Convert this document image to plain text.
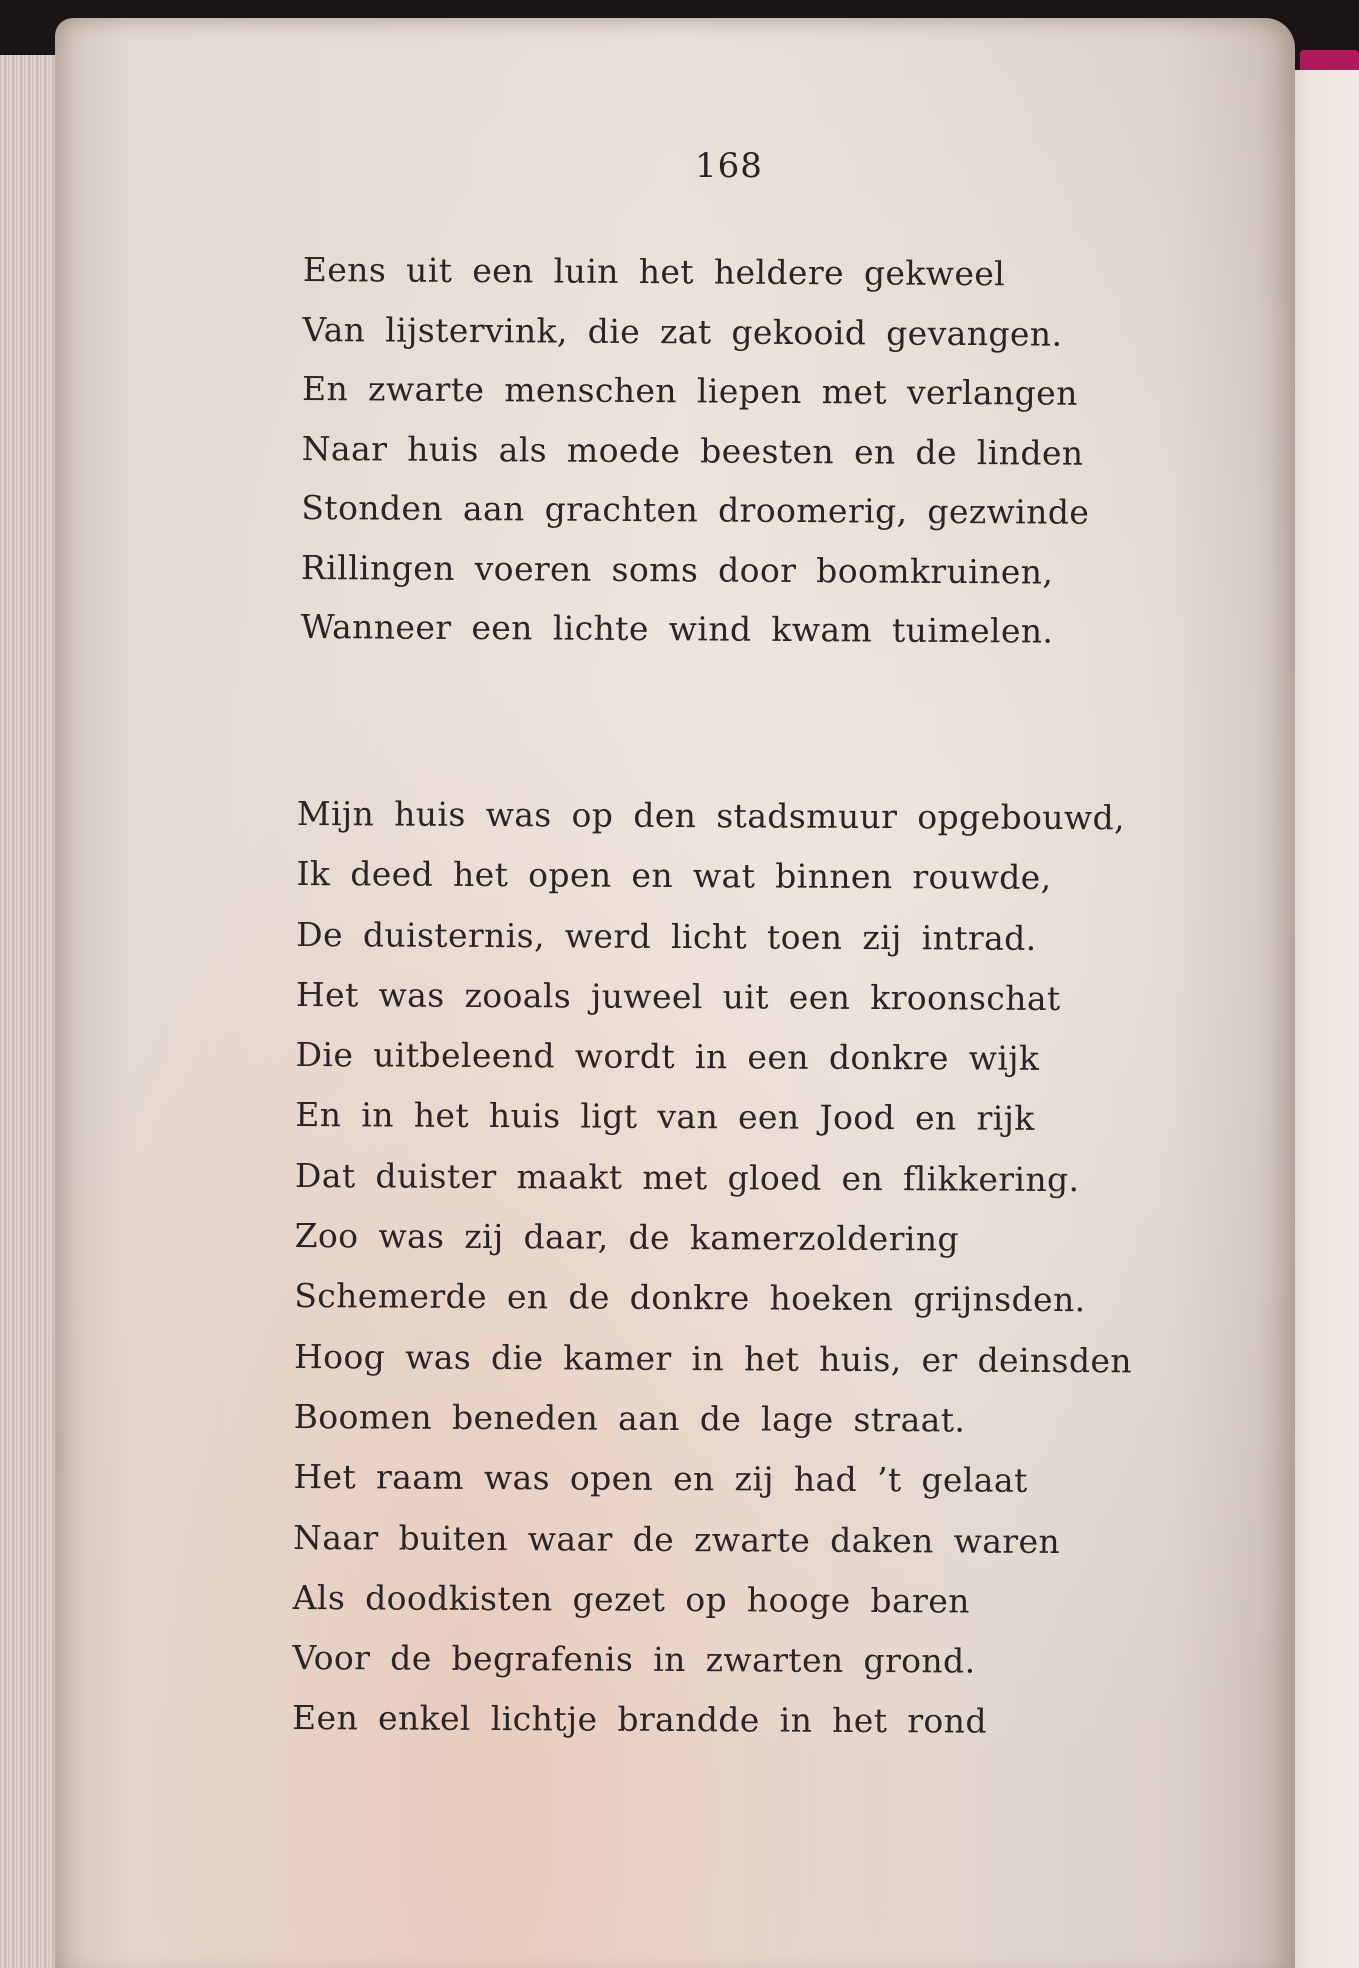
168
Eens uit een luin het heldere gekweel
Van lijstervink, die zat gekooid gevangen.
En zwarte menschen liepen met verlangen
Naar huis als moede beesten en de linden
Stonden aan grachten droomerig, gezwinde
Rillingen voeren soms door boomkruinen,
Wanneer een lichte wind kwam tuimelen.
Mijn huis was op den stadsmuur opgebouwd,
Ik deed het open en wat binnen rouwde,
De duisternis, werd licht toen zij intrad.
Het was zooals juweel uit een kroonschat
Die uitbeleend wordt in een donkre wijk
En in het huis ligt van een Jood en rijk
Dat duister maakt met gloed en flikkering.
Zoo was zij daar, de kamerzoldering
Schemerde en de donkre hoeken grijnsden.
Hoog was die kamer in het huis, er deinsden
Boomen beneden aan de lage straat.
Het raam was open en zij had ’t gelaat
Naar buiten waar de zwarte daken waren
Als doodkisten gezet op hooge baren
Voor de begrafenis in zwarten grond.
Een enkel lichtje brandde in het rond
